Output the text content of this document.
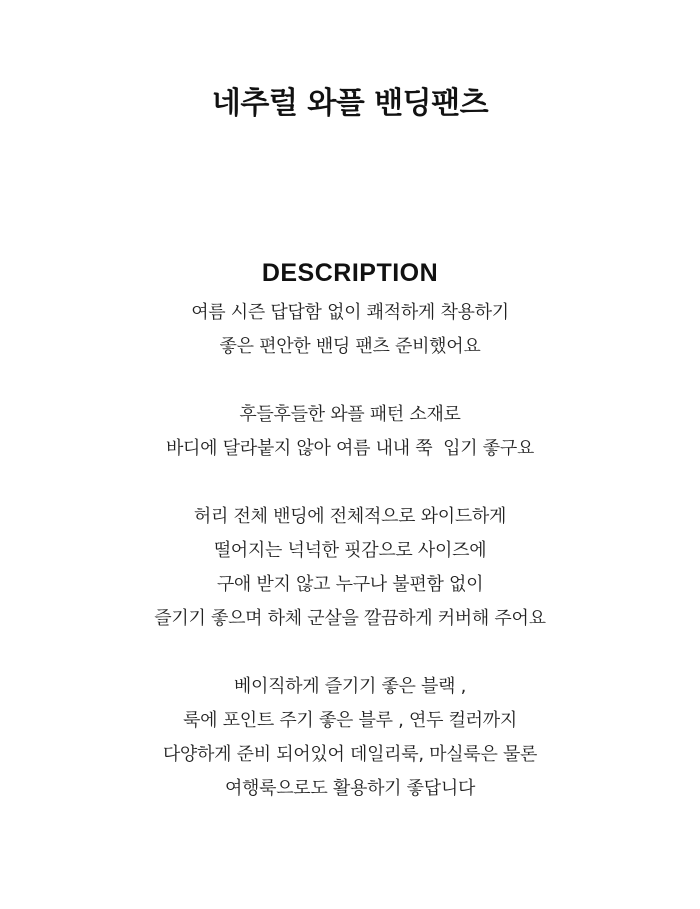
네추럴 와플 밴딩팬츠
DESCRIPTION
여름 시즌 답답함 없이 쾌적하게 착용하기
좋은 편안한 밴딩 팬츠 준비했어요
후들후들한 와플 패턴 소재로
바디에 달라붙지 않아 여름 내내 쭉  입기 좋구요
허리 전체 밴딩에 전체적으로 와이드하게
떨어지는 넉넉한 핏감으로 사이즈에
구애 받지 않고 누구나 불편함 없이
즐기기 좋으며 하체 군살을 깔끔하게 커버해 주어요
베이직하게 즐기기 좋은 블랙 ,
룩에 포인트 주기 좋은 블루 , 연두 컬러까지
다양하게 준비 되어있어 데일리룩, 마실룩은 물론
여행룩으로도 활용하기 좋답니다
